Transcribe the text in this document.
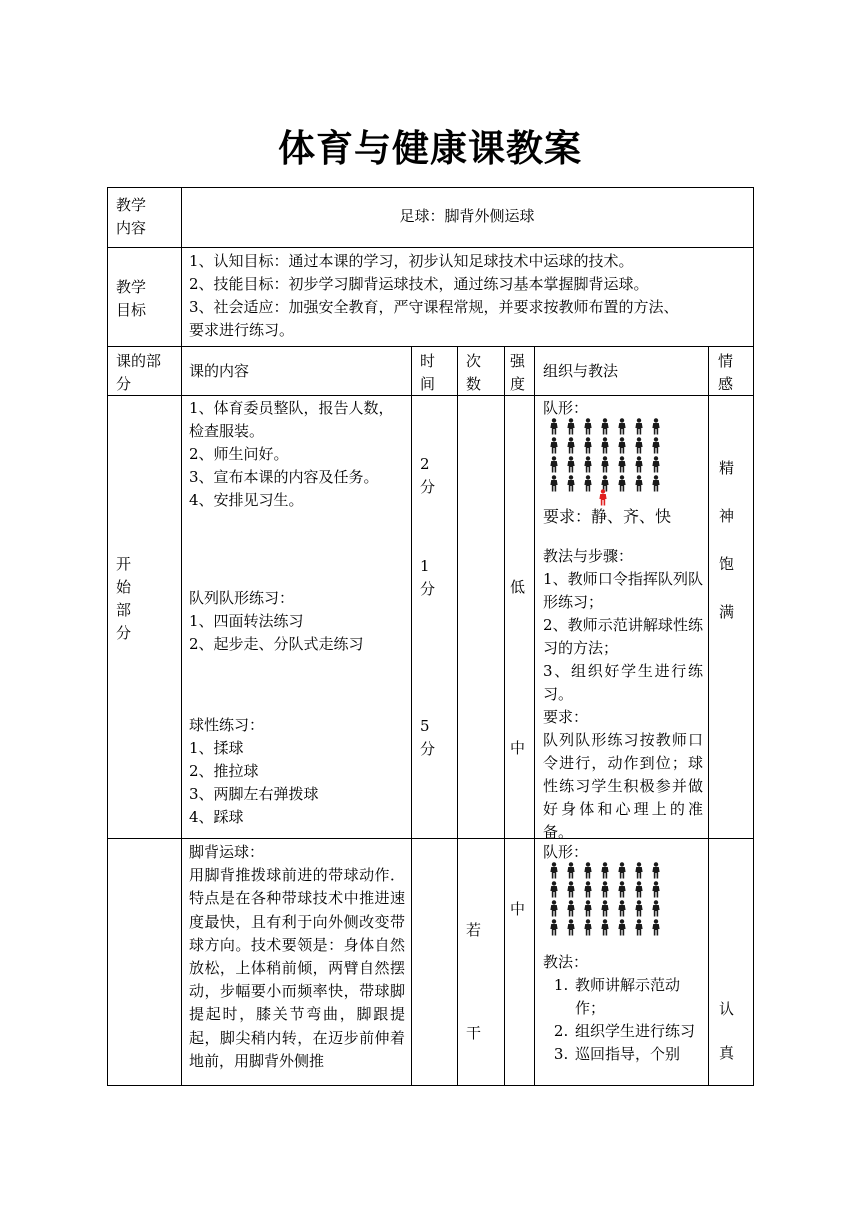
体育与健康课教案
教学
内容
足球：脚背外侧运球
教学
目标
1、认知目标：通过本课的学习，初步认知足球技术中运球的技术。
2、技能目标：初步学习脚背运球技术，通过练习基本掌握脚背运球。
3、社会适应：加强安全教育，严守课程常规，并要求按教师布置的方法、
要求进行练习。
课的部
分
课的内容
时
间
次
数
强
度
组织与教法
情
感
开
始
部
分
1、体育委员整队，报告人数，
检查服装。
2、师生问好。
3、宣布本课的内容及任务。
4、安排见习生。
队列队形练习：
1、四面转法练习
2、起步走、分队式走练习
球性练习：
1、揉球
2、推拉球
3、两脚左右弹拨球
4、踩球
2
分
1
分
5
分
低
中
队形：
要求：静、齐、快
教法与步骤：
1、教师口令指挥队列队形练习；
2、教师示范讲解球性练习的方法；
3、组织好学生进行练习。
要求：
队列队形练习按教师口令进行，动作到位；球性练习学生积极参并做好身体和心理上的准备。
精

神

饱

满
脚背运球：
用脚背推拨球前进的带球动作．特点是在各种带球技术中推进速度最快，且有利于向外侧改变带球方向。技术要领是：身体自然放松，上体稍前倾，两臂自然摆动，步幅要小而频率快，带球脚提起时，膝关节弯曲，脚跟提起，脚尖稍内转，在迈步前伸着地前，用脚背外侧推
若
干
中
队形：
教法：
1. 教师讲解示范动作；
2. 组织学生进行练习
3. 巡回指导，个别
认
真
